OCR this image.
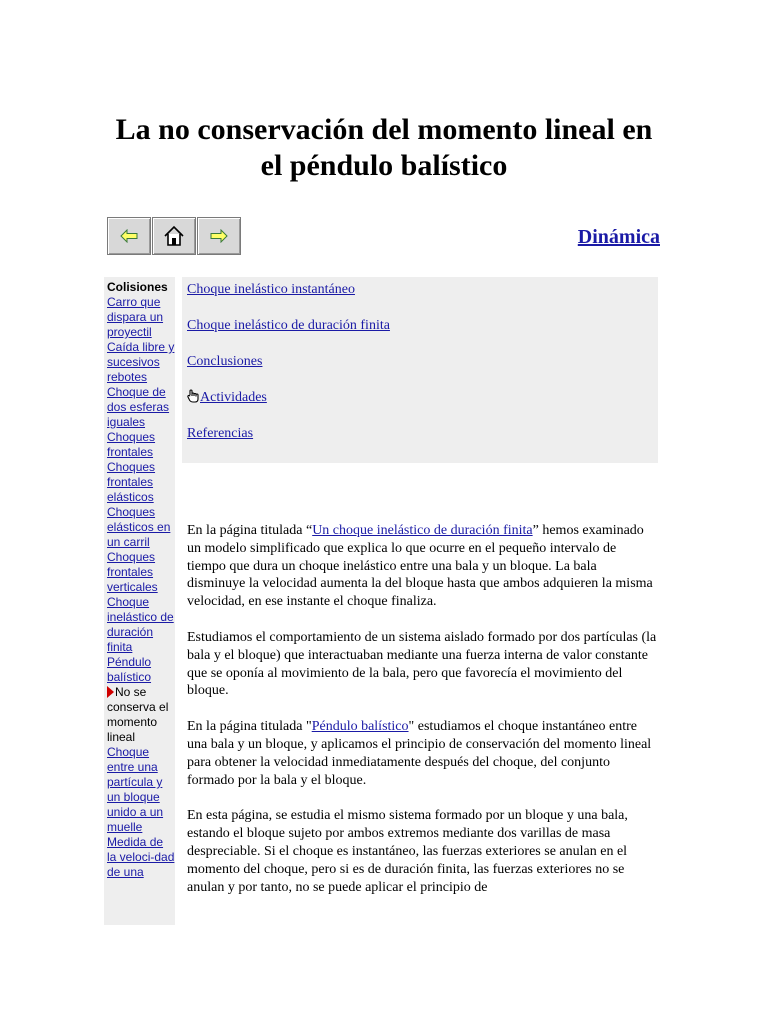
La no conservación del momento lineal en
el péndulo balístico
Dinámica
Colisiones
Carro que dispara un proyectil
Caída libre y sucesivos rebotes
Choque de dos esferas iguales
Choques frontales
Choques frontales elásticos
Choques elásticos en un carril
Choques frontales verticales
Choque inelástico de duración finita
Péndulo balístico
No se conserva el momento lineal
Choque entre una partícula y un bloque unido a un muelle
Medida de la veloci-dad de una
Choque inelástico instantáneo
Choque inelástico de duración finita
Conclusiones
Actividades
Referencias

En la página titulada “Un choque inelástico de duración finita” hemos examinado un modelo simplificado que explica lo que ocurre en el pequeño intervalo de tiempo que dura un choque inelástico entre una bala y un bloque. La bala disminuye la velocidad aumenta la del bloque hasta que ambos adquieren la misma velocidad, en ese instante el choque finaliza.

Estudiamos el comportamiento de un sistema aislado formado por dos partículas (la bala y el bloque) que interactuaban mediante una fuerza interna de valor constante que se oponía al movimiento de la bala, pero que favorecía el movimiento del bloque.

En la página titulada "Péndulo balístico" estudiamos el choque instantáneo entre una bala y un bloque, y aplicamos el principio de conservación del momento lineal para obtener la velocidad inmediatamente después del choque, del conjunto formado por la bala y el bloque.

En esta página, se estudia el mismo sistema formado por un bloque y una bala, estando el bloque sujeto por ambos extremos mediante dos varillas de masa despreciable. Si el choque es instantáneo, las fuerzas exteriores se anulan en el momento del choque, pero si es de duración finita, las fuerzas exteriores no se anulan y por tanto, no se puede aplicar el principio de
